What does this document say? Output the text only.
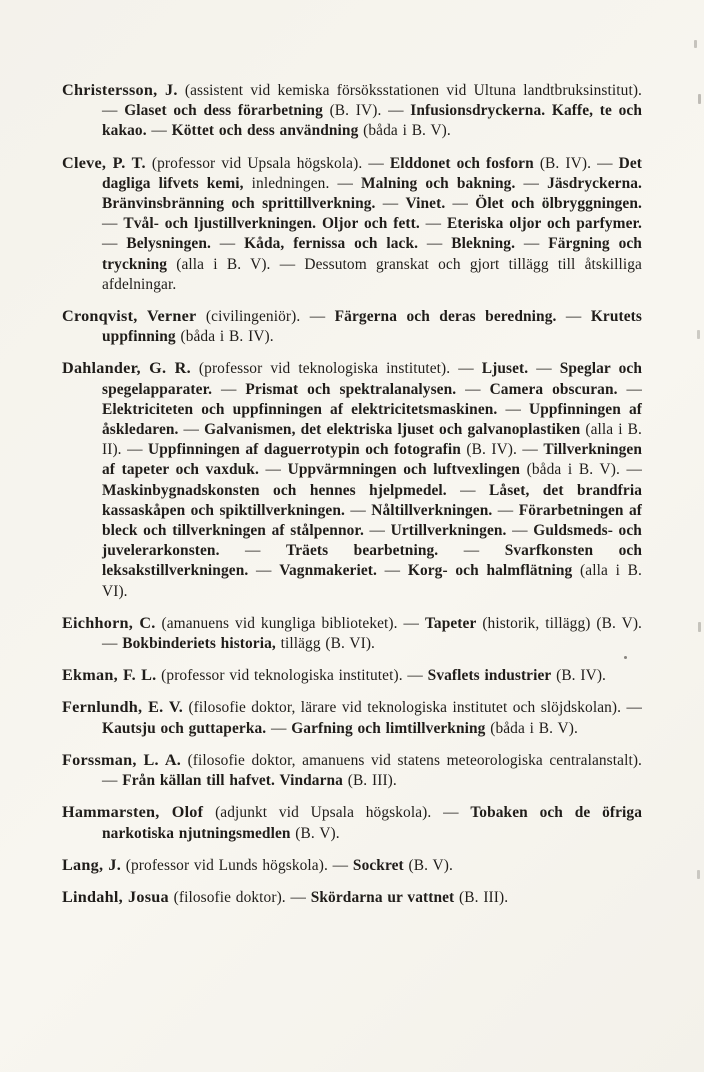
Christersson, J. (assistent vid kemiska försöksstationen vid Ultuna landtbruksinstitut). — Glaset och dess förarbetning (B. IV). — Infusionsdryckerna. Kaffe, te och kakao. — Köttet och dess användning (båda i B. V).

Cleve, P. T. (professor vid Upsala högskola). — Elddonet och fosforn (B. IV). — Det dagliga lifvets kemi, inledningen. — Malning och bakning. — Jäsdryckerna. Bränvinsbränning och sprittillverkning. — Vinet. — Ölet och ölbryggningen. — Tvål- och ljustillverkningen. Oljor och fett. — Eteriska oljor och parfymer. — Belysningen. — Kåda, fernissa och lack. — Blekning. — Färgning och tryckning (alla i B. V). — Dessutom granskat och gjort tillägg till åtskilliga afdelningar.

Cronqvist, Verner (civilingeniör). — Färgerna och deras beredning. — Krutets uppfinning (båda i B. IV).

Dahlander, G. R. (professor vid teknologiska institutet). — Ljuset. — Speglar och spegelapparater. — Prismat och spektralanalysen. — Camera obscuran. — Elektriciteten och uppfinningen af elektricitetsmaskinen. — Uppfinningen af åskledaren. — Galvanismen, det elektriska ljuset och galvanoplastiken (alla i B. II). — Uppfinningen af daguerrotypin och fotografin (B. IV). — Tillverkningen af tapeter och vaxduk. — Uppvärmningen och luftvexlingen (båda i B. V). — Maskinbygnadskonsten och hennes hjelpmedel. — Låset, det brandfria kassaskåpen och spiktillverkningen. — Nåltillverkningen. — Förarbetningen af bleck och tillverkningen af stålpennor. — Urtillverkningen. — Guldsmeds- och juvelerarkonsten. — Träets bearbetning. — Svarfkonsten och leksakstillverkningen. — Vagnmakeriet. — Korg- och halmflätning (alla i B. VI).

Eichhorn, C. (amanuens vid kungliga biblioteket). — Tapeter (historik, tillägg) (B. V). — Bokbinderiets historia, tillägg (B. VI).

Ekman, F. L. (professor vid teknologiska institutet). — Svaflets industrier (B. IV).

Fernlundh, E. V. (filosofie doktor, lärare vid teknologiska institutet och slöjdskolan). — Kautsju och guttaperka. — Garfning och limtillverkning (båda i B. V).

Forssman, L. A. (filosofie doktor, amanuens vid statens meteorologiska centralanstalt). — Från källan till hafvet. Vindarna (B. III).

Hammarsten, Olof (adjunkt vid Upsala högskola). — Tobaken och de öfriga narkotiska njutningsmedlen (B. V).

Lang, J. (professor vid Lunds högskola). — Sockret (B. V).

Lindahl, Josua (filosofie doktor). — Skördarna ur vattnet (B. III).
